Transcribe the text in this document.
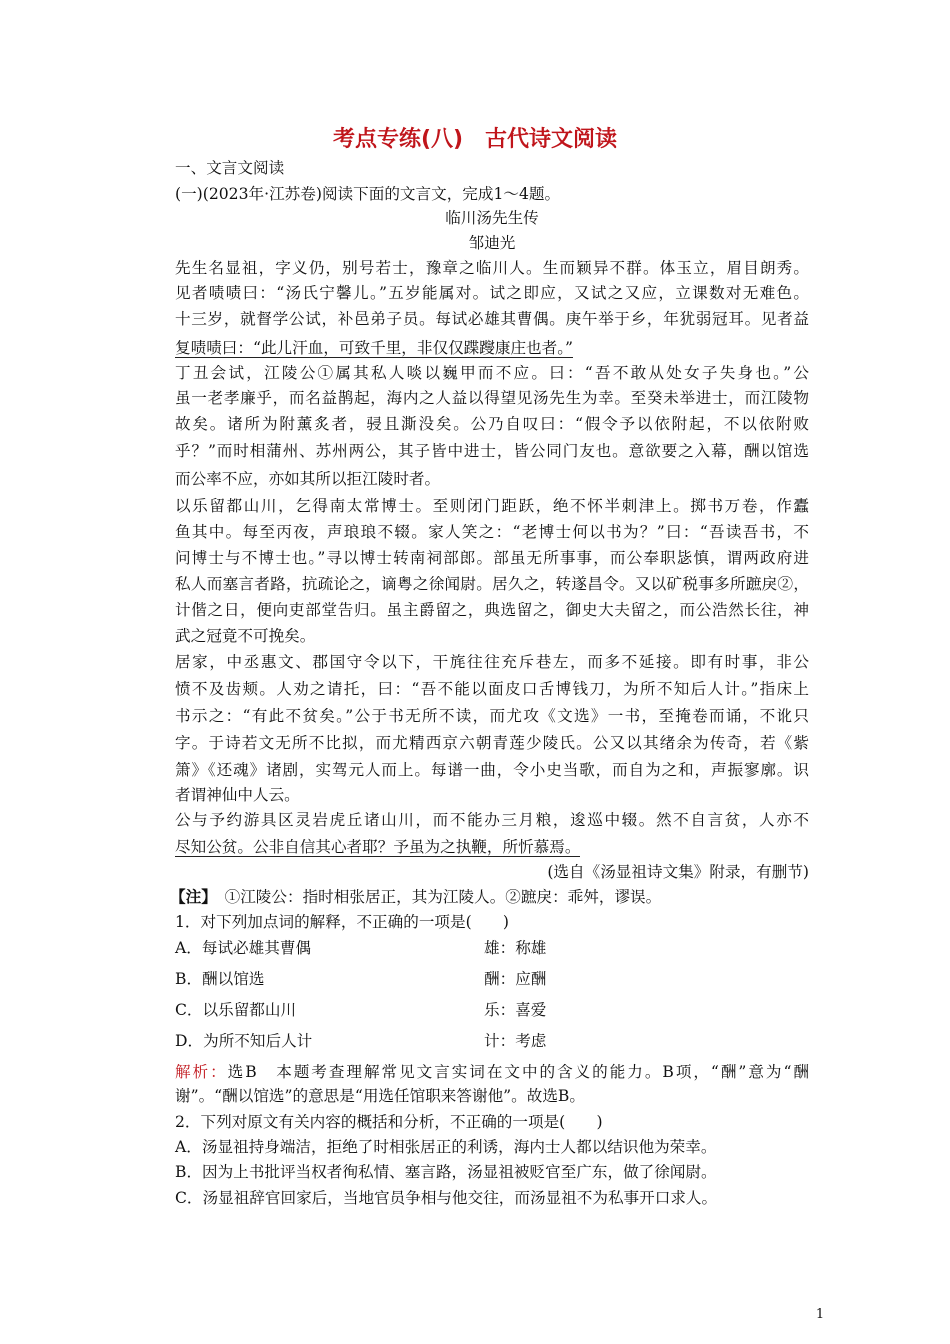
考点专练(八)　古代诗文阅读
一、文言文阅读
(一)(2023年·江苏卷)阅读下面的文言文，完成1～4题。
临川汤先生传
邹迪光
先生名显祖，字义仍，别号若士，豫章之临川人。生而颖异不群。体玉立，眉目朗秀。
见者啧啧曰：“汤氏宁馨儿。”五岁能属对。试之即应，又试之又应，立课数对无难色。
十三岁，就督学公试，补邑弟子员。每试必雄其曹偶。庚午举于乡，年犹弱冠耳。见者益
复啧啧曰：“此儿汗血，可致千里，非仅仅蹀躞康庄也者。”
丁丑会试，江陵公①属其私人啖以巍甲而不应。曰：“吾不敢从处女子失身也。”公
虽一老孝廉乎，而名益鹊起，海内之人益以得望见汤先生为幸。至癸未举进士，而江陵物
故矣。诸所为附薰炙者，骎且澌没矣。公乃自叹曰：“假令予以依附起，不以依附败
乎？”而时相蒲州、苏州两公，其子皆中进士，皆公同门友也。意欲要之入幕，酬以馆选
而公率不应，亦如其所以拒江陵时者。
以乐留都山川，乞得南太常博士。至则闭门距跃，绝不怀半刺津上。掷书万卷，作蠹
鱼其中。每至丙夜，声琅琅不辍。家人笑之：“老博士何以书为？”曰：“吾读吾书，不
问博士与不博士也。”寻以博士转南祠部郎。部虽无所事事，而公奉职毖慎，谓两政府进
私人而塞言者路，抗疏论之，谪粤之徐闻尉。居久之，转遂昌令。又以矿税事多所蹠戾②，
计偕之日，便向吏部堂告归。虽主爵留之，典选留之，御史大夫留之，而公浩然长往，神
武之冠竟不可挽矣。
居家，中丞惠文、郡国守令以下，干旄往往充斥巷左，而多不延接。即有时事，非公
愤不及齿颊。人劝之请托，曰：“吾不能以面皮口舌博钱刀，为所不知后人计。”指床上
书示之：“有此不贫矣。”公于书无所不读，而尤攻《文选》一书，至掩卷而诵，不讹只
字。于诗若文无所不比拟，而尤精西京六朝青莲少陵氏。公又以其绪余为传奇，若《紫
箫》《还魂》诸剧，实驾元人而上。每谱一曲，令小史当歌，而自为之和，声振寥廓。识
者谓神仙中人云。
公与予约游具区灵岩虎丘诸山川，而不能办三月粮，逡巡中辍。然不自言贫，人亦不
尽知公贫。公非自信其心者耶？予虽为之执鞭，所忻慕焉。
(选自《汤显祖诗文集》附录，有删节)
【注】　 ①江陵公：指时相张居正，其为江陵人。②蹠戾：乖舛，谬误。
1．对下列加点词的解释，不正确的一项是(　　)
A．每试必雄其曹偶	雄：称雄
B．酬以馆选	酬：应酬
C．以乐留都山川	乐：喜爱
D．为所不知后人计	计：考虑
解析：选B　本题考查理解常见文言实词在文中的含义的能力。B项，“酬”意为“酬
谢”。“酬以馆选”的意思是“用选任馆职来答谢他”。故选B。
2．下列对原文有关内容的概括和分析，不正确的一项是(　　)
A．汤显祖持身端洁，拒绝了时相张居正的利诱，海内士人都以结识他为荣幸。
B．因为上书批评当权者徇私情、塞言路，汤显祖被贬官至广东，做了徐闻尉。
C．汤显祖辞官回家后，当地官员争相与他交往，而汤显祖不为私事开口求人。
1
